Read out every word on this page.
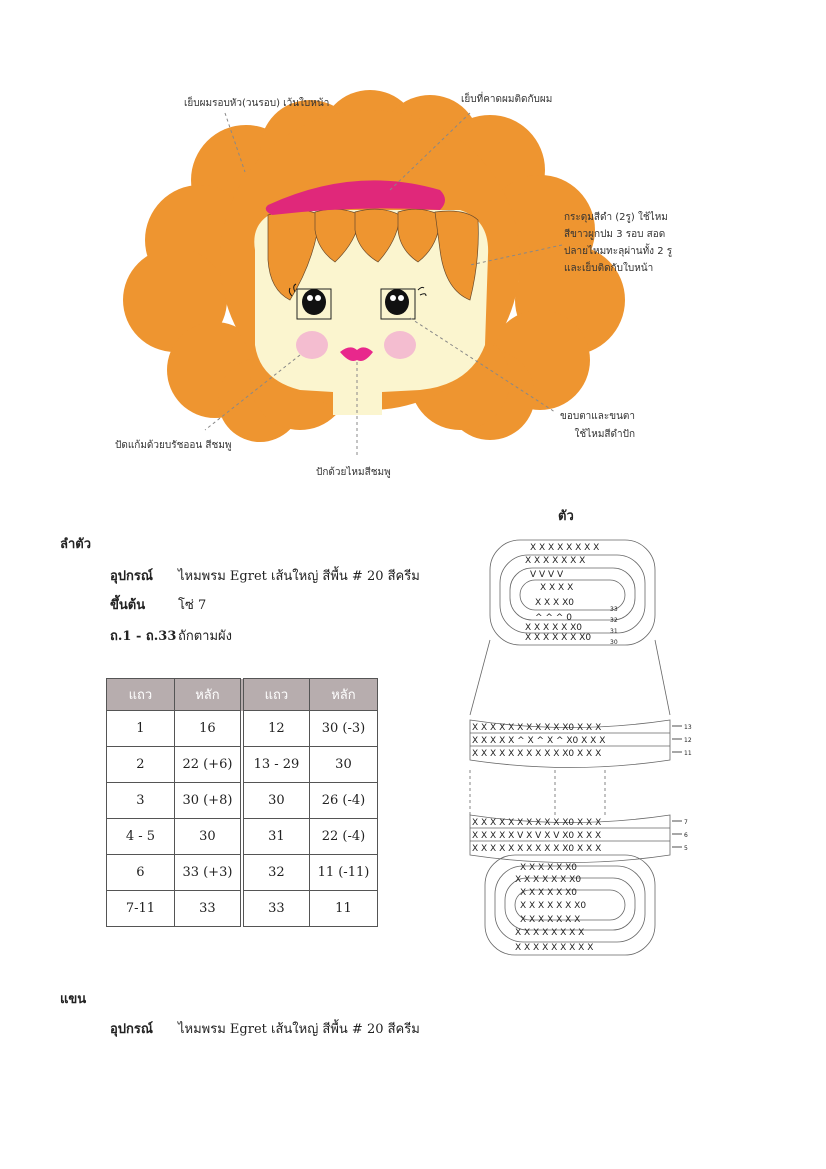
เย็บผมรอบหัว(วนรอบ) เว้นใบหน้า	เย็บที่คาดผมติดกับผม
กระดุมสีดำ (2รู) ใช้ไหม
สีขาวผูกปม 3 รอบ สอด
ปลายไหมทะลุผ่านทั้ง 2 รู
และเย็บติดกับใบหน้า
ขอบตาและขนตา
ใช้ไหมสีดำปัก
ปัดแก้มด้วยบรัชออน สีชมพู
ปักด้วยไหมสีชมพู
ลำตัว
อุปกรณ์ ไหมพรม Egret เส้นใหญ่ สีพื้น # 20 สีครีม
ขึ้นต้น	โซ่ 7
ถ.1 - ถ.33 ถักตามผัง
แถว	หลัก	แถว	หลัก
1	16	12	30 (-3)
2	22 (+6)	13 - 29	30
3	30 (+8)	30	26 (-4)
4 - 5	30	31	22 (-4)
6	33 (+3)	32	11 (-11)
7-11	33	33	11
ตัว
X X X X X X X X
X X X X X X X
V V V V
X X X X
X X X X0
^ ^ ^ 0
X X X X X X0
X X X X X X X0
X X X X X X X X X X X0 X X X
X X X X X ^ X ^ X ^ X0 X X X
X X X X X X X X X X X0 X X X
X X X X X X X X X X X0 X X X
X X X X X V X V X V X0 X X X
X X X X X X X X X X X0 X X X
X X X X X X0
X X X X X X X0
X X X X X X0
X X X X X X X0
X X X X X X X
X X X X X X X X
X X X X X X X X X
33
32
31
30
13
12
11
7
6
5
แขน
อุปกรณ์ ไหมพรม Egret เส้นใหญ่ สีพื้น # 20 สีครีม
